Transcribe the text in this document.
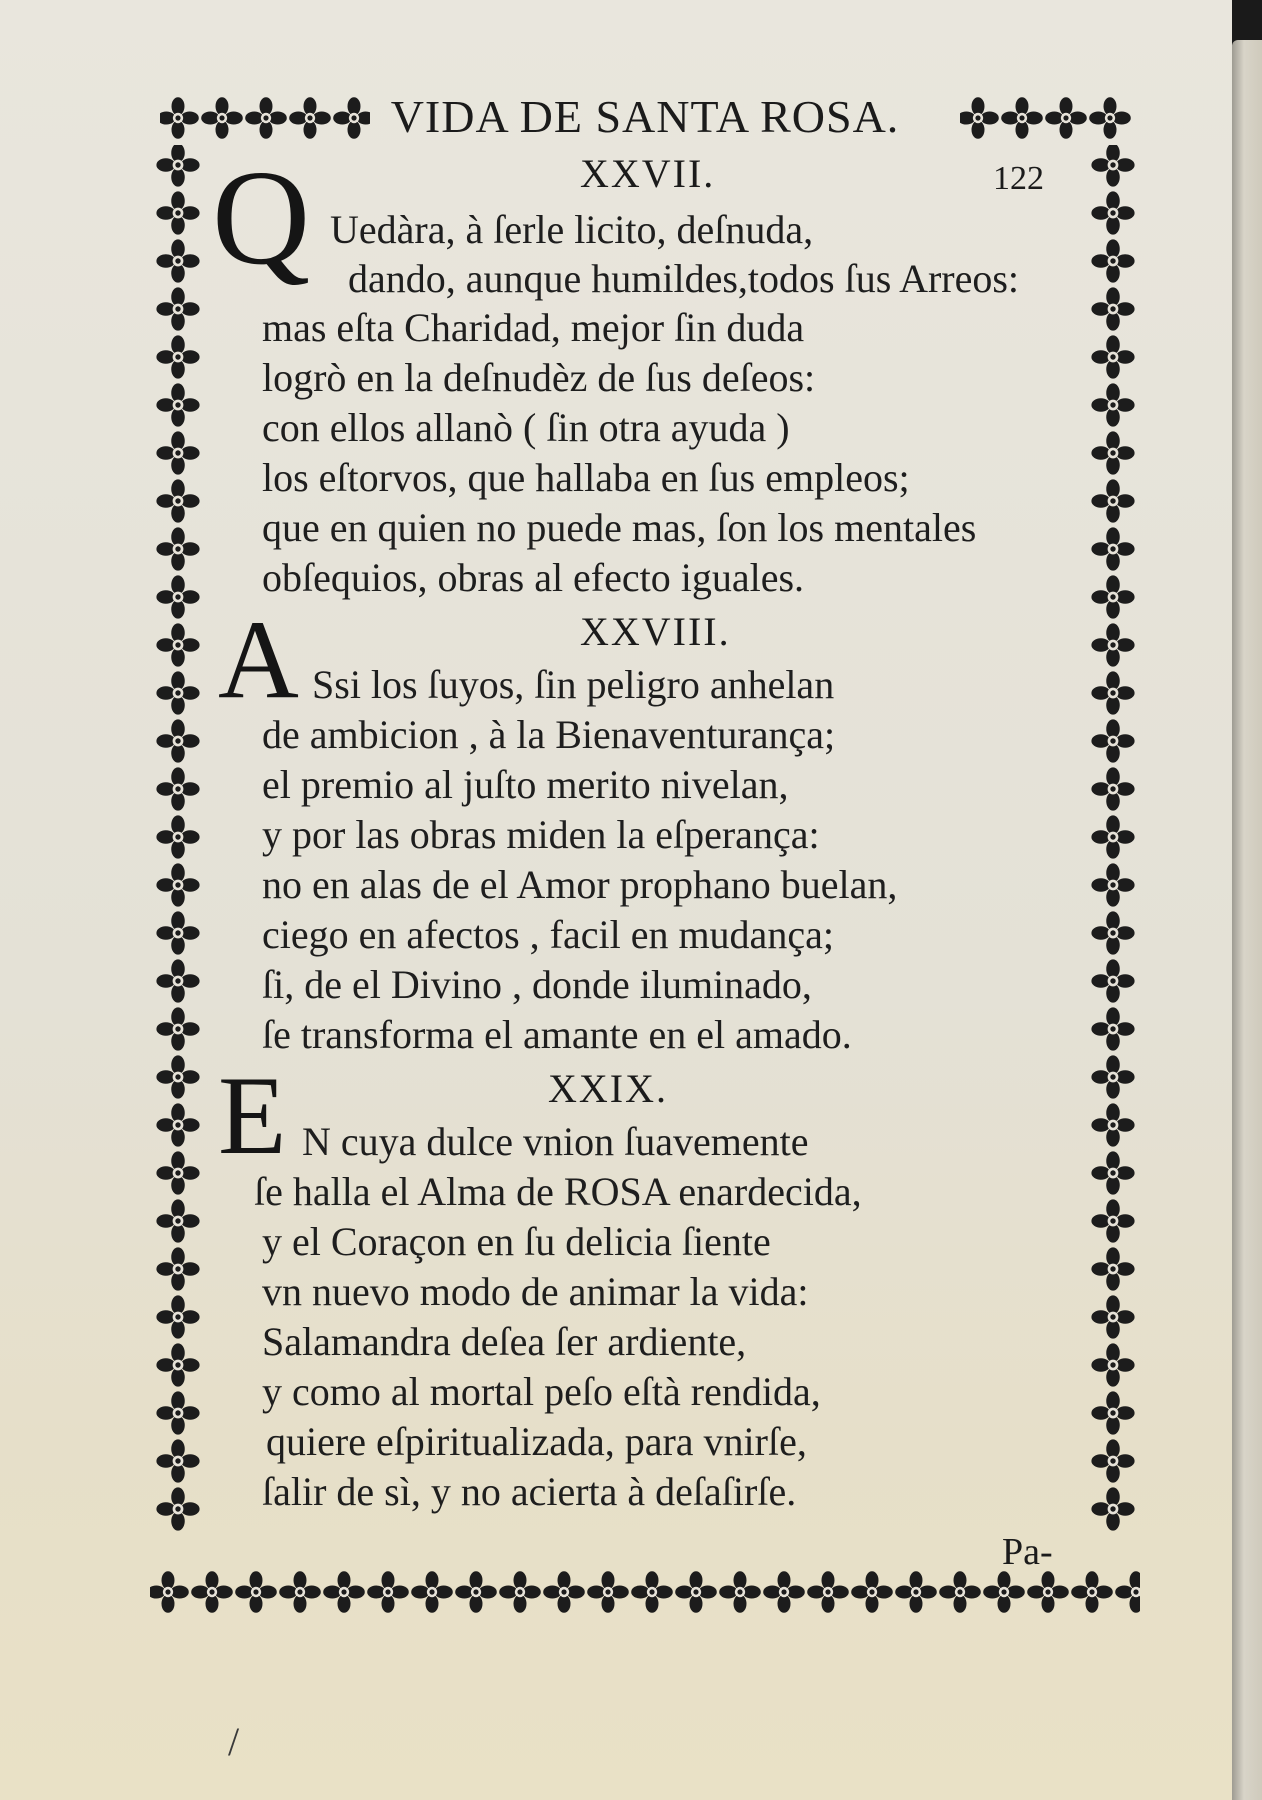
VIDA DE SANTA ROSA.
122
XXVII.
Q Uedàra, à ſerle licito, deſnuda,
dando, aunque humildes,todos ſus Arreos:
mas eſta Charidad, mejor ſin duda
logrò en la deſnudèz de ſus deſeos:
con ellos allanò ( ſin otra ayuda )
los eſtorvos, que hallaba en ſus empleos;
que en quien no puede mas, ſon los mentales
obſequios, obras al efecto iguales.
XXVIII.
A Ssi los ſuyos, ſin peligro anhelan
de ambicion , à la Bienaventurança;
el premio al juſto merito nivelan,
y por las obras miden la eſperança:
no en alas de el Amor prophano buelan,
ciego en afectos , facil en mudança;
ſi, de el Divino , donde iluminado,
ſe transforma el amante en el amado.
XXIX.
E N cuya dulce vnion ſuavemente
ſe halla el Alma de ROSA enardecida,
y el Coraçon en ſu delicia ſiente
vn nuevo modo de animar la vida:
Salamandra deſea ſer ardiente,
y como al mortal peſo eſtà rendida,
quiere eſpiritualizada, para vnirſe,
ſalir de sì, y no acierta à deſaſirſe.
Pa-
/
